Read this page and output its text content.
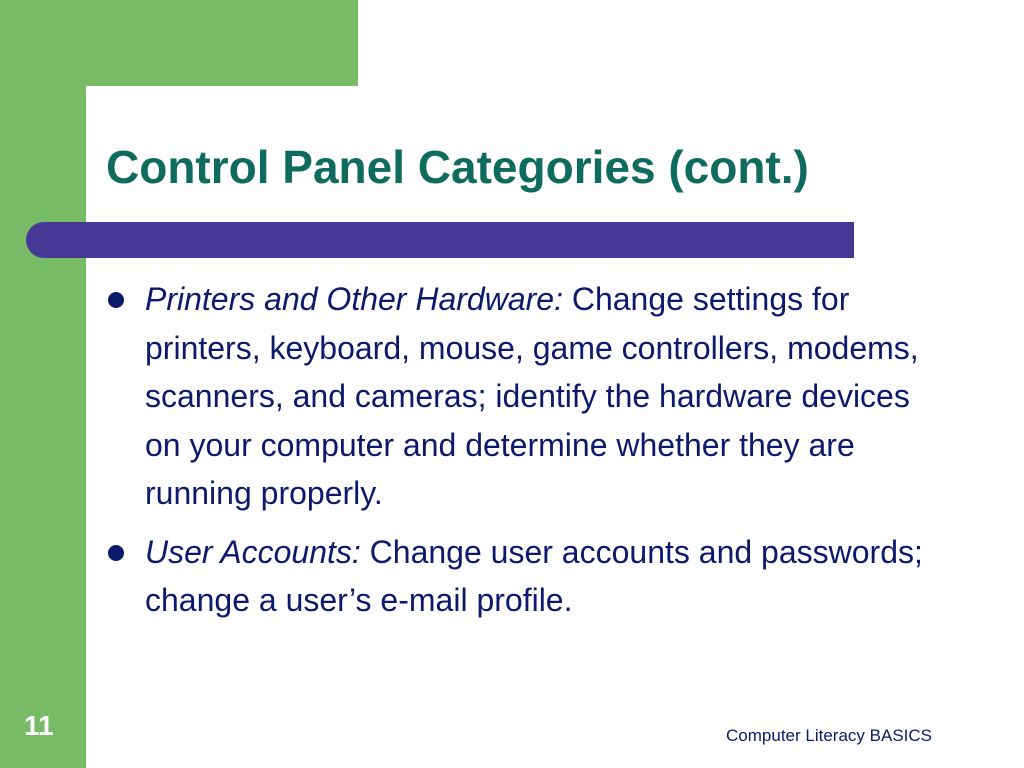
Control Panel Categories (cont.)
Printers and Other Hardware: Change settings for printers, keyboard, mouse, game controllers, modems, scanners, and cameras; identify the hardware devices on your computer and determine whether they are running properly.
User Accounts: Change user accounts and passwords; change a user’s e-mail profile.
11	Computer Literacy BASICS
